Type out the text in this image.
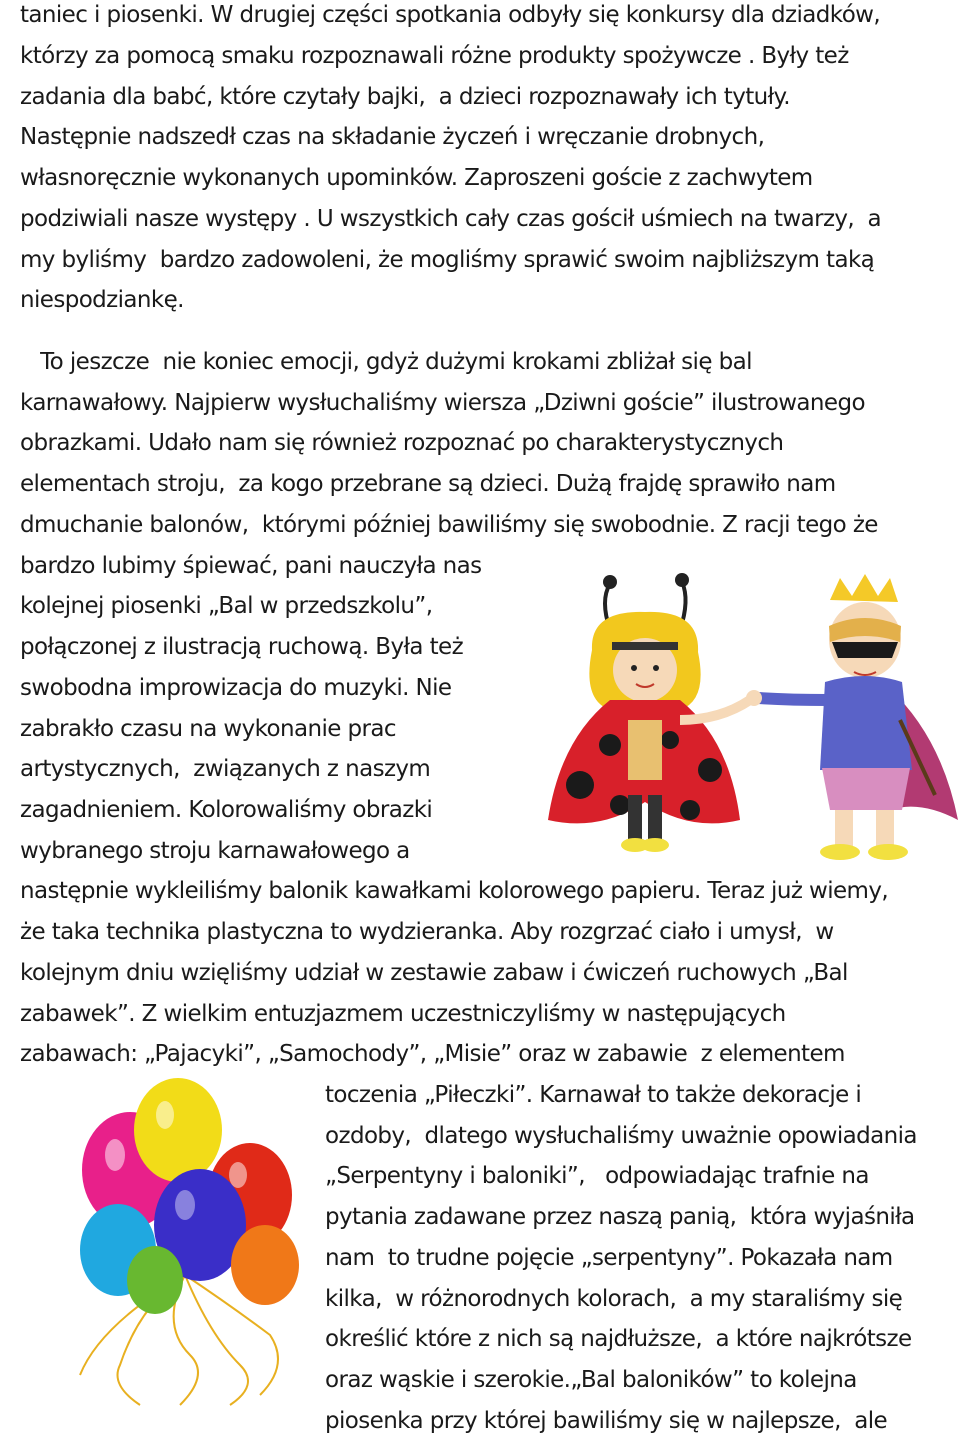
taniec i piosenki. W drugiej części spotkania odbyły się konkursy dla dziadków,
którzy za pomocą smaku rozpoznawali różne produkty spożywcze . Były też
zadania dla babć, które czytały bajki,  a dzieci rozpoznawały ich tytuły.
Następnie nadszedł czas na składanie życzeń i wręczanie drobnych,
własnoręcznie wykonanych upominków. Zaproszeni goście z zachwytem
podziwiali nasze występy . U wszystkich cały czas gościł uśmiech na twarzy,  a
my byliśmy  bardzo zadowoleni, że mogliśmy sprawić swoim najbliższym taką
niespodziankę.
To jeszcze  nie koniec emocji, gdyż dużymi krokami zbliżał się bal
karnawałowy. Najpierw wysłuchaliśmy wiersza „Dziwni goście” ilustrowanego
obrazkami. Udało nam się również rozpoznać po charakterystycznych
elementach stroju,  za kogo przebrane są dzieci. Dużą frajdę sprawiło nam
dmuchanie balonów,  którymi później bawiliśmy się swobodnie. Z racji tego że
bardzo lubimy śpiewać, pani nauczyła nas
kolejnej piosenki „Bal w przedszkolu”,
połączonej z ilustracją ruchową. Była też
swobodna improwizacja do muzyki. Nie
zabrakło czasu na wykonanie prac
artystycznych,  związanych z naszym
zagadnieniem. Kolorowaliśmy obrazki
wybranego stroju karnawałowego a
następnie wykleiliśmy balonik kawałkami kolorowego papieru. Teraz już wiemy,
że taka technika plastyczna to wydzieranka. Aby rozgrzać ciało i umysł,  w
kolejnym dniu wzięliśmy udział w zestawie zabaw i ćwiczeń ruchowych „Bal
zabawek”. Z wielkim entuzjazmem uczestniczyliśmy w następujących
zabawach: „Pajacyki”, „Samochody”, „Misie” oraz w zabawie  z elementem
toczenia „Piłeczki”. Karnawał to także dekoracje i
ozdoby,  dlatego wysłuchaliśmy uważnie opowiadania
„Serpentyny i baloniki”,   odpowiadając trafnie na
pytania zadawane przez naszą panią,  która wyjaśniła
nam  to trudne pojęcie „serpentyny”. Pokazała nam
kilka,  w różnorodnych kolorach,  a my staraliśmy się
określić które z nich są najdłuższe,  a które najkrótsze
oraz wąskie i szerokie.„Bal baloników” to kolejna
piosenka przy której bawiliśmy się w najlepsze,  ale
